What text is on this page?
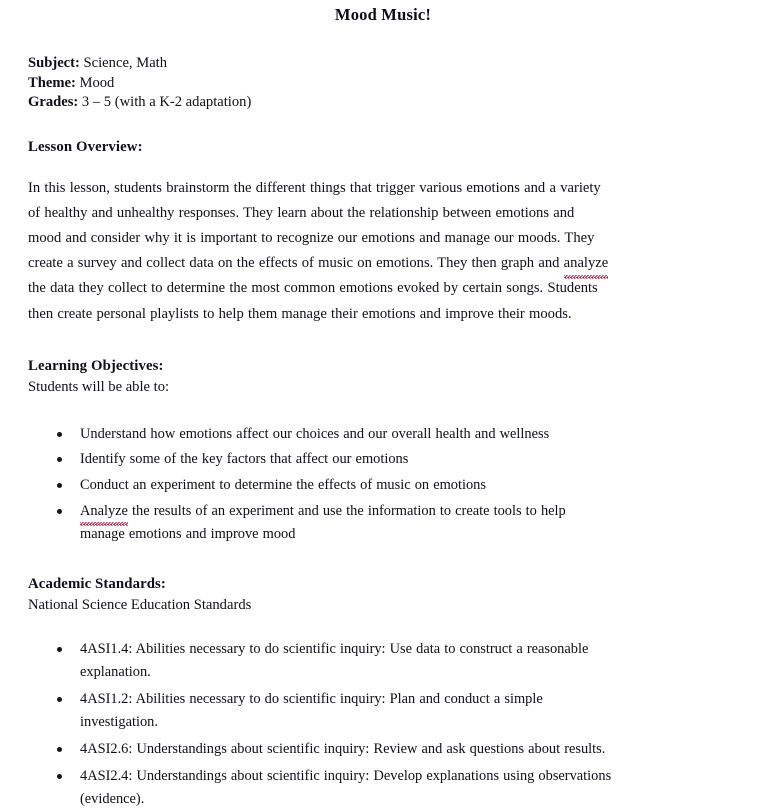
Mood Music!
Subject: Science, Math
Theme: Mood
Grades: 3 – 5 (with a K-2 adaptation)
Lesson Overview:
In this lesson, students brainstorm the different things that trigger various emotions and a variety
of healthy and unhealthy responses. They learn about the relationship between emotions and
mood and consider why it is important to recognize our emotions and manage our moods. They
create a survey and collect data on the effects of music on emotions. They then graph and analyze
the data they collect to determine the most common emotions evoked by certain songs. Students
then create personal playlists to help them manage their emotions and improve their moods.
Learning Objectives:
Students will be able to:
Understand how emotions affect our choices and our overall health and wellness
Identify some of the key factors that affect our emotions
Conduct an experiment to determine the effects of music on emotions
Analyze the results of an experiment and use the information to create tools to help
manage emotions and improve mood
Academic Standards:
National Science Education Standards
4ASI1.4: Abilities necessary to do scientific inquiry: Use data to construct a reasonable
explanation.
4ASI1.2: Abilities necessary to do scientific inquiry: Plan and conduct a simple
investigation.
4ASI2.6: Understandings about scientific inquiry: Review and ask questions about results.
4ASI2.4: Understandings about scientific inquiry: Develop explanations using observations
(evidence).
